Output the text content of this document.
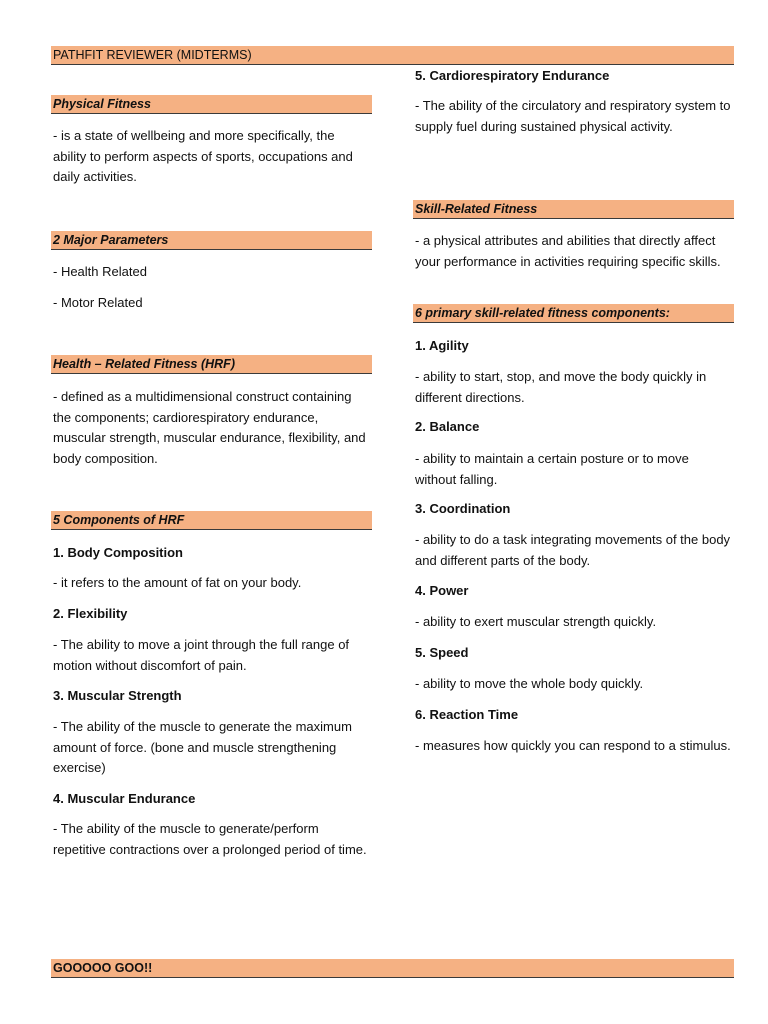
PATHFIT REVIEWER (MIDTERMS)
Physical Fitness

- is a state of wellbeing and more specifically, the ability to perform aspects of sports, occupations and daily activities.

2 Major Parameters

- Health Related

- Motor Related

Health – Related Fitness (HRF)

- defined as a multidimensional construct containing the components; cardiorespiratory endurance, muscular strength, muscular endurance, flexibility, and body composition.

5 Components of HRF

1. Body Composition

- it refers to the amount of fat on your body.

2. Flexibility

- The ability to move a joint through the full range of motion without discomfort of pain.

3. Muscular Strength

- The ability of the muscle to generate the maximum amount of force. (bone and muscle strengthening exercise)

4. Muscular Endurance

- The ability of the muscle to generate/perform repetitive contractions over a prolonged period of time.

5. Cardiorespiratory Endurance

- The ability of the circulatory and respiratory system to supply fuel during sustained physical activity.

Skill-Related Fitness

- a physical attributes and abilities that directly affect your performance in activities requiring specific skills.

6 primary skill-related fitness components:

1. Agility

- ability to start, stop, and move the body quickly in different directions.

2. Balance

- ability to maintain a certain posture or to move without falling.

3. Coordination

- ability to do a task integrating movements of the body and different parts of the body.

4. Power

- ability to exert muscular strength quickly.

5. Speed

- ability to move the whole body quickly.

6. Reaction Time

- measures how quickly you can respond to a stimulus.

GOOOOO GOO!!
